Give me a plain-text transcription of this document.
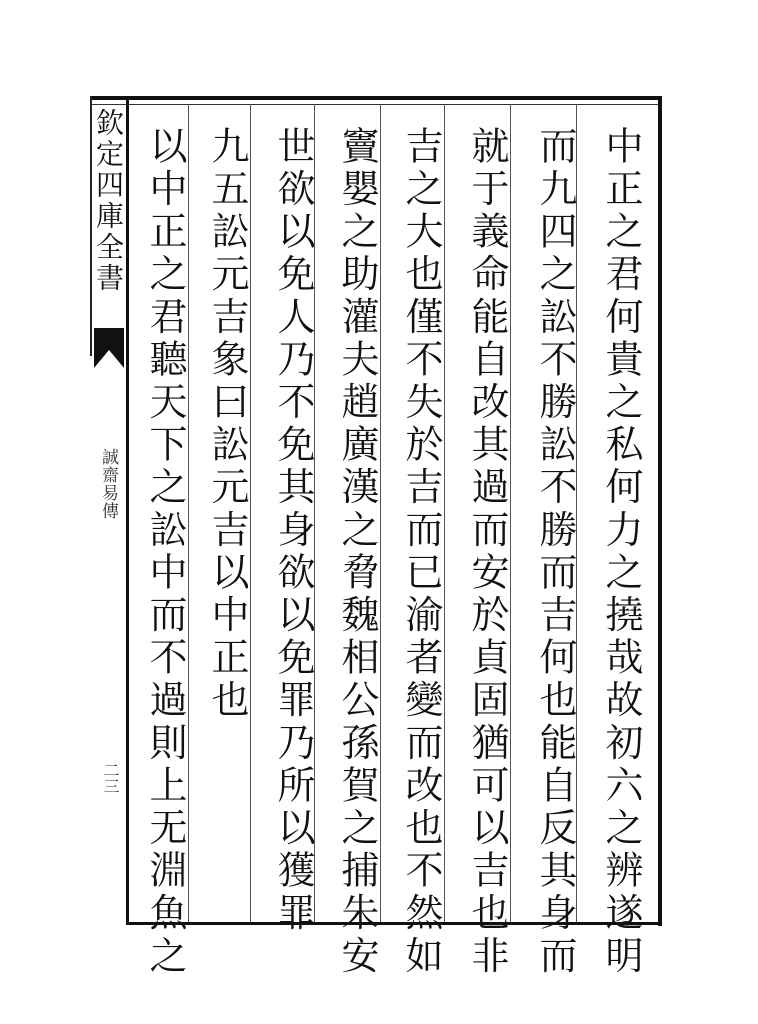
欽定四庫全書
誠齋易傳
二三	中正之君何貴之私何力之撓哉故初六之辨遂明
而九四之訟不勝訟不勝而吉何也能自反其身而
就于義命能自改其過而安於貞固猶可以吉也非
吉之大也僅不失於吉而已渝者變而改也不然如
竇嬰之助灌夫趙廣漢之脅魏相公孫賀之捕朱安
世欲以免人乃不免其身欲以免罪乃所以獲罪
九五訟元吉象曰訟元吉以中正也
以中正之君聽天下之訟中而不過則上无淵魚之
